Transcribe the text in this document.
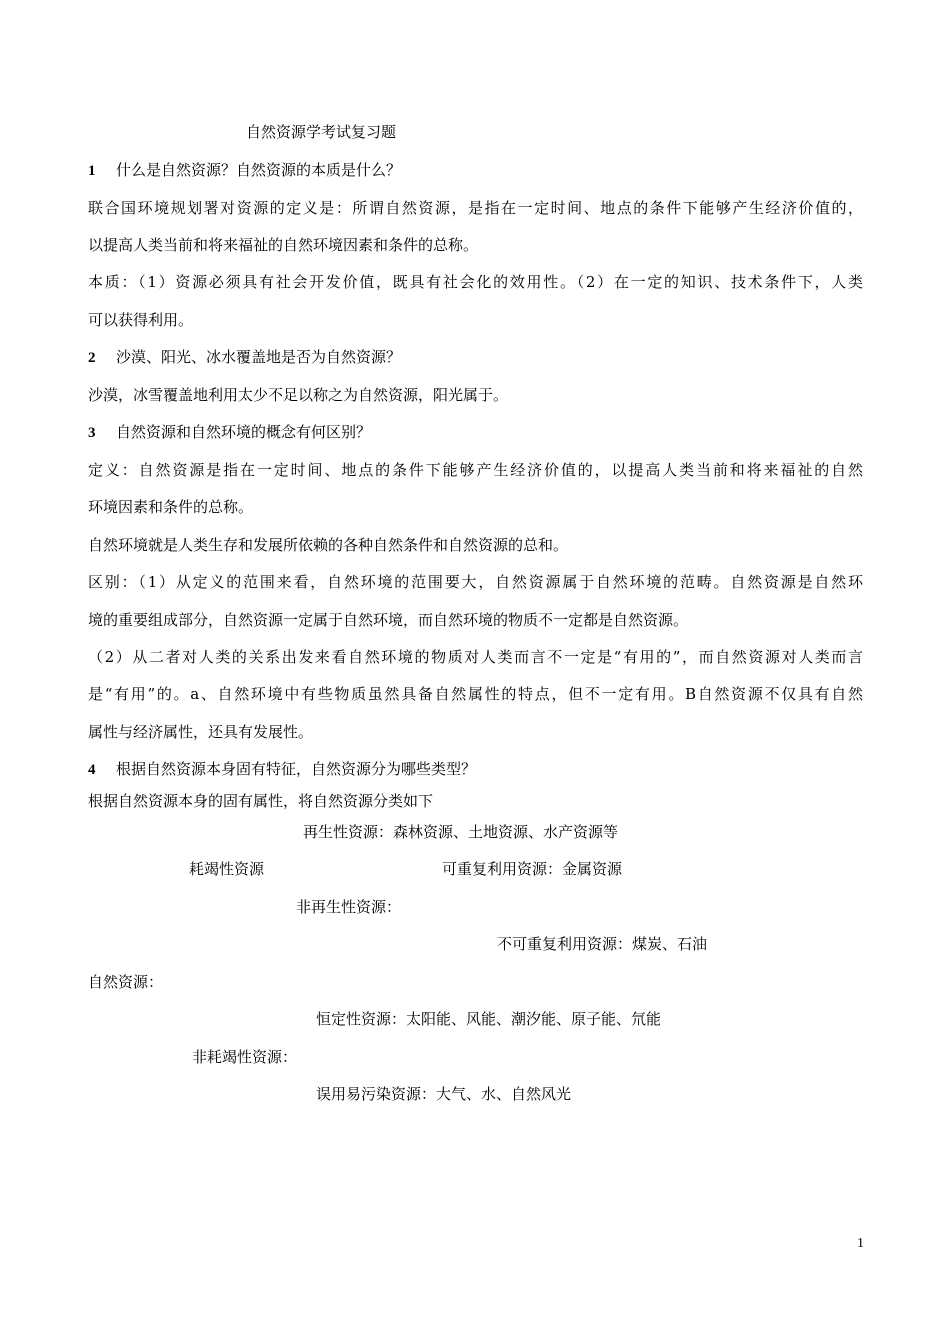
自然资源学考试复习题
1 什么是自然资源？自然资源的本质是什么？
联合国环境规划署对资源的定义是：所谓自然资源，是指在一定时间、地点的条件下能够产生经济价值的，
以提高人类当前和将来福祉的自然环境因素和条件的总称。
本质：（1）资源必须具有社会开发价值，既具有社会化的效用性。（2）在一定的知识、技术条件下，人类
可以获得利用。
2 沙漠、阳光、冰水覆盖地是否为自然资源？
沙漠，冰雪覆盖地利用太少不足以称之为自然资源，阳光属于。
3 自然资源和自然环境的概念有何区别？
定义：自然资源是指在一定时间、地点的条件下能够产生经济价值的，以提高人类当前和将来福祉的自然
环境因素和条件的总称。
自然环境就是人类生存和发展所依赖的各种自然条件和自然资源的总和。
区别：（1）从定义的范围来看，自然环境的范围要大，自然资源属于自然环境的范畴。自然资源是自然环
境的重要组成部分，自然资源一定属于自然环境，而自然环境的物质不一定都是自然资源。
（2）从二者对人类的关系出发来看自然环境的物质对人类而言不一定是“有用的”，而自然资源对人类而言
是“有用”的。a、自然环境中有些物质虽然具备自然属性的特点，但不一定有用。B自然资源不仅具有自然
属性与经济属性，还具有发展性。
4 根据自然资源本身固有特征，自然资源分为哪些类型？
根据自然资源本身的固有属性，将自然资源分类如下
再生性资源：森林资源、土地资源、水产资源等
耗竭性资源	可重复利用资源：金属资源
非再生性资源：
不可重复利用资源：煤炭、石油
自然资源：
恒定性资源：太阳能、风能、潮汐能、原子能、氘能
非耗竭性资源：
误用易污染资源：大气、水、自然风光
1
